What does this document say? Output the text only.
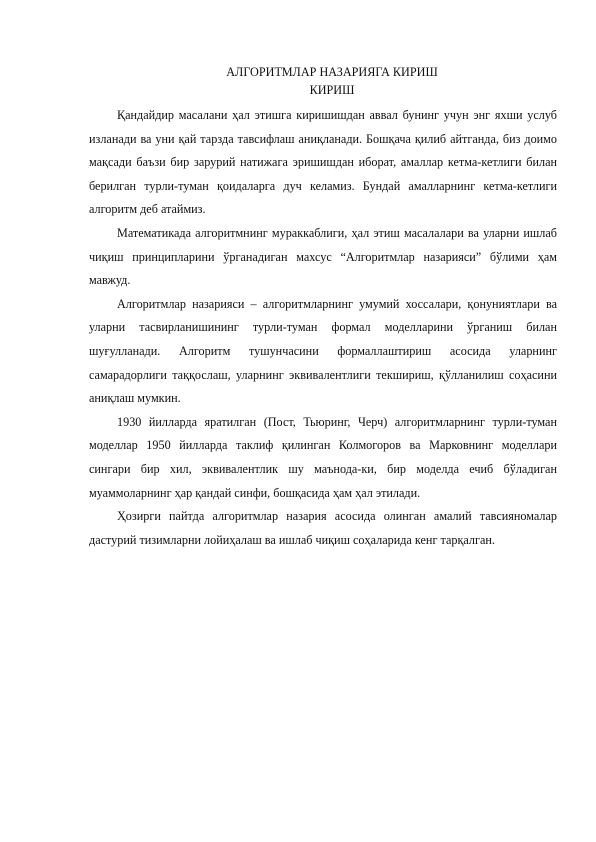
АЛГОРИТМЛАР НАЗАРИЯГА КИРИШ
КИРИШ

Қандайдир масалани ҳал этишга киришишдан аввал бунинг учун энг яхши услуб изланади ва уни қай тарзда тавсифлаш аниқланади. Бошқача қилиб айтганда, биз доимо мақсади баъзи бир зарурий натижага эришишдан иборат, амаллар кетма-кетлиги билан берилган турли-туман қоидаларга дуч келамиз. Бундай амалларнинг кетма-кетлиги алгоритм деб атаймиз.

Математикада алгоритмнинг мураккаблиги, ҳал этиш масалалари ва уларни ишлаб чиқиш принципларини ўрганадиган махсус “Алгоритмлар назарияси” бўлими ҳам мавжуд.

Алгоритмлар назарияси – алгоритмларнинг умумий хоссалари, қонуниятлари ва уларни тасвирланишининг турли-туман формал моделларини ўрганиш билан шуғулланади. Алгоритм тушунчасини формаллаштириш асосида уларнинг самарадорлиги таққослаш, уларнинг эквивалентлиги текшириш, қўлланилиш соҳасини аниқлаш мумкин.

1930 йилларда яратилган (Пост, Тьюринг, Черч) алгоритмларнинг турли-туман моделлар 1950 йилларда таклиф қилинган Колмогоров ва Марковнинг моделлари сингари бир хил, эквивалентлик шу маънода-ки, бир моделда ечиб бўладиган муаммоларнинг ҳар қандай синфи, бошқасида ҳам ҳал этилади.

Ҳозирги пайтда алгоритмлар назария асосида олинган амалий тавсияномалар дастурий тизимларни лойиҳалаш ва ишлаб чиқиш соҳаларида кенг тарқалган.
